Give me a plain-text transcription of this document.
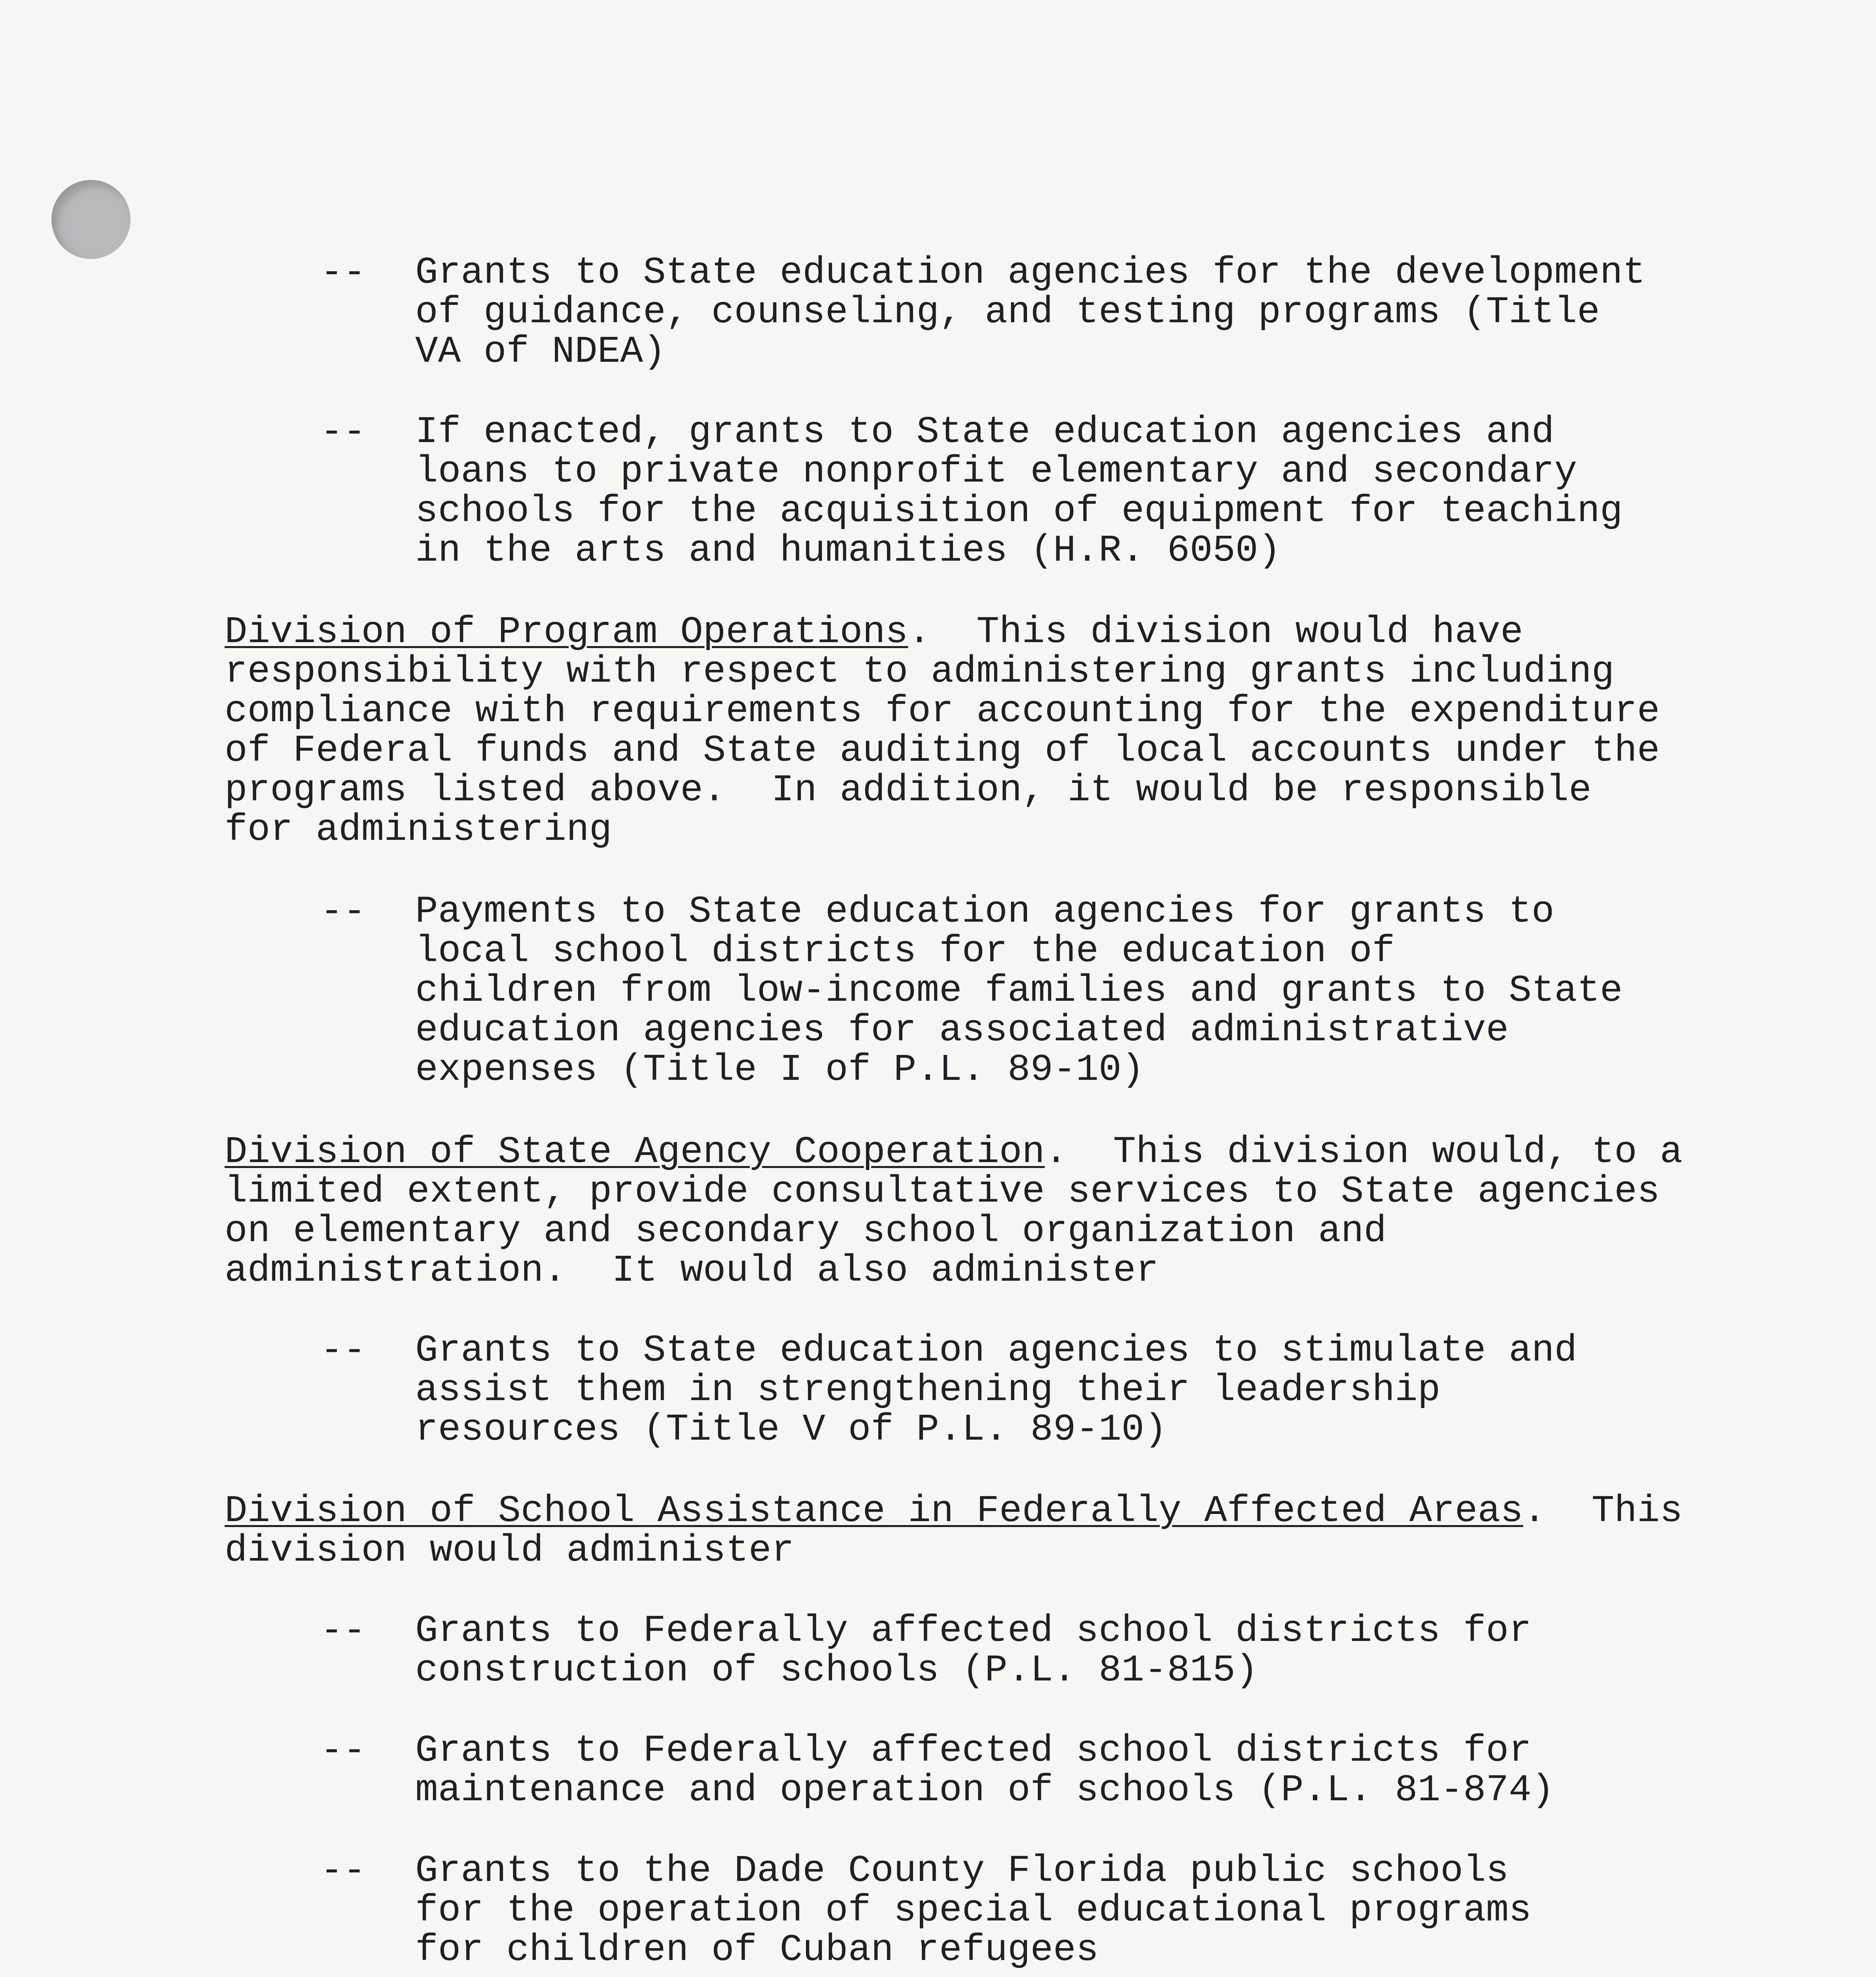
--	Grants to State education agencies for the development
of guidance, counseling, and testing programs (Title
VA of NDEA)
--	If enacted, grants to State education agencies and
loans to private nonprofit elementary and secondary
schools for the acquisition of equipment for teaching
in the arts and humanities (H.R. 6050)

Division of Program Operations.  This division would have
responsibility with respect to administering grants including
compliance with requirements for accounting for the expenditure
of Federal funds and State auditing of local accounts under the
programs listed above.  In addition, it would be responsible
for administering

--	Payments to State education agencies for grants to
local school districts for the education of
children from low-income families and grants to State
education agencies for associated administrative
expenses (Title I of P.L. 89-10)

Division of State Agency Cooperation.  This division would, to a
limited extent, provide consultative services to State agencies
on elementary and secondary school organization and
administration.  It would also administer

--	Grants to State education agencies to stimulate and
assist them in strengthening their leadership
resources (Title V of P.L. 89-10)

Division of School Assistance in Federally Affected Areas.  This
division would administer

--	Grants to Federally affected school districts for
construction of schools (P.L. 81-815)
--	Grants to Federally affected school districts for
maintenance and operation of schools (P.L. 81-874)
--	Grants to the Dade County Florida public schools
for the operation of special educational programs
for children of Cuban refugees
